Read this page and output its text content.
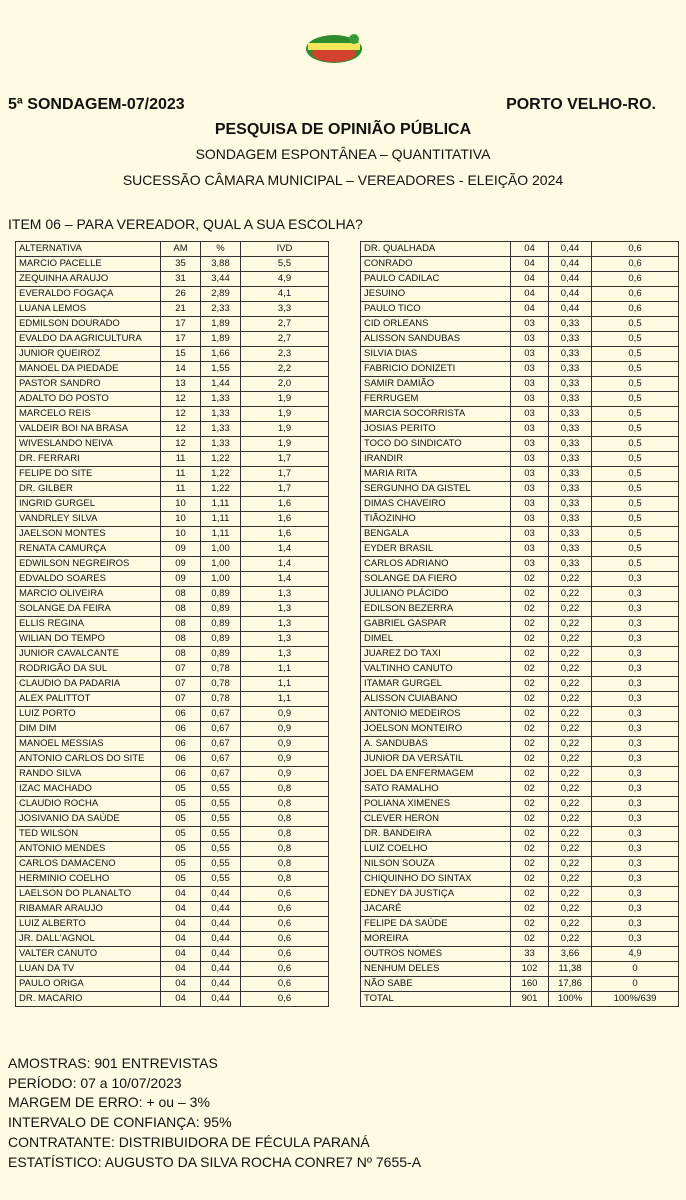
5ª SONDAGEM-07/2023	PORTO VELHO-RO.
PESQUISA DE OPINIÃO PÚBLICA
SONDAGEM ESPONTÂNEA – QUANTITATIVA
SUCESSÃO CÂMARA MUNICIPAL – VEREADORES - ELEIÇÃO 2024
ITEM 06 – PARA VEREADOR, QUAL A SUA ESCOLHA?
ALTERNATIVA	AM	%	IVD
MARCIO PACELLE	35	3,88	5,5
ZEQUINHA ARAUJO	31	3,44	4,9
EVERALDO FOGAÇA	26	2,89	4,1
LUANA LEMOS	21	2,33	3,3
EDMILSON DOURADO	17	1,89	2,7
EVALDO DA AGRICULTURA	17	1,89	2,7
JUNIOR QUEIROZ	15	1,66	2,3
MANOEL DA PIEDADE	14	1,55	2,2
PASTOR SANDRO	13	1,44	2,0
ADALTO DO POSTO	12	1,33	1,9
MARCELO REIS	12	1,33	1,9
VALDEIR BOI NA BRASA	12	1,33	1,9
WIVESLANDO NEIVA	12	1,33	1,9
DR. FERRARI	11	1,22	1,7
FELIPE DO SITE	11	1,22	1,7
DR. GILBER	11	1,22	1,7
INGRID GURGEL	10	1,11	1,6
VANDRLEY SILVA	10	1,11	1,6
JAELSON MONTES	10	1,11	1,6
RENATA CAMURÇA	09	1,00	1,4
EDWILSON NEGREIROS	09	1,00	1,4
EDVALDO SOARES	09	1,00	1,4
MARCIO OLIVEIRA	08	0,89	1,3
SOLANGE DA FEIRA	08	0,89	1,3
ELLIS REGINA	08	0,89	1,3
WILIAN DO TEMPO	08	0,89	1,3
JUNIOR CAVALCANTE	08	0,89	1,3
RODRIGÃO DA SUL	07	0,78	1,1
CLAUDIO DA PADARIA	07	0,78	1,1
ALEX PALITTOT	07	0,78	1,1
LUIZ PORTO	06	0,67	0,9
DIM DIM	06	0,67	0,9
MANOEL MESSIAS	06	0,67	0,9
ANTONIO CARLOS DO SITE	06	0,67	0,9
RANDO SILVA	06	0,67	0,9
IZAC MACHADO	05	0,55	0,8
CLAUDIO ROCHA	05	0,55	0,8
JOSIVANIO DA SAÚDE	05	0,55	0,8
TED WILSON	05	0,55	0,8
ANTONIO MENDES	05	0,55	0,8
CARLOS DAMACENO	05	0,55	0,8
HERMINIO COELHO	05	0,55	0,8
LAELSON DO PLANALTO	04	0,44	0,6
RIBAMAR ARAUJO	04	0,44	0,6
LUIZ ALBERTO	04	0,44	0,6
JR. DALL'AGNOL	04	0,44	0,6
VALTER CANUTO	04	0,44	0,6
LUAN DA TV	04	0,44	0,6
PAULO ORIGA	04	0,44	0,6
DR. MACARIO	04	0,44	0,6
DR. QUALHADA	04	0,44	0,6
CONRADO	04	0,44	0,6
PAULO CADILAC	04	0,44	0,6
JESUINO	04	0,44	0,6
PAULO TICO	04	0,44	0,6
CID ORLEANS	03	0,33	0,5
ALISSON SANDUBAS	03	0,33	0,5
SILVIA DIAS	03	0,33	0,5
FABRICIO DONIZETI	03	0,33	0,5
SAMIR DAMIÃO	03	0,33	0,5
FERRUGEM	03	0,33	0,5
MARCIA SOCORRISTA	03	0,33	0,5
JOSIAS PERITO	03	0,33	0,5
TOCO DO SINDICATO	03	0,33	0,5
IRANDIR	03	0,33	0,5
MARIA RITA	03	0,33	0,5
SERGUNHO DA GISTEL	03	0,33	0,5
DIMAS CHAVEIRO	03	0,33	0,5
TIÃOZINHO	03	0,33	0,5
BENGALA	03	0,33	0,5
EYDER BRASIL	03	0,33	0,5
CARLOS ADRIANO	03	0,33	0,5
SOLANGE DA FIERO	02	0,22	0,3
JULIANO PLÁCIDO	02	0,22	0,3
EDILSON BEZERRA	02	0,22	0,3
GABRIEL GASPAR	02	0,22	0,3
DIMEL	02	0,22	0,3
JUAREZ DO TAXI	02	0,22	0,3
VALTINHO CANUTO	02	0,22	0,3
ITAMAR GURGEL	02	0,22	0,3
ALISSON CUIABANO	02	0,22	0,3
ANTONIO MEDEIROS	02	0,22	0,3
JOELSON MONTEIRO	02	0,22	0,3
A. SANDUBAS	02	0,22	0,3
JUNIOR DA VERSÁTIL	02	0,22	0,3
JOEL DA ENFERMAGEM	02	0,22	0,3
SATO RAMALHO	02	0,22	0,3
POLIANA XIMENES	02	0,22	0,3
CLEVER HERON	02	0,22	0,3
DR. BANDEIRA	02	0,22	0,3
LUIZ COELHO	02	0,22	0,3
NILSON SOUZA	02	0,22	0,3
CHIQUINHO DO SINTAX	02	0,22	0,3
EDNEY DA JUSTIÇA	02	0,22	0,3
JACARÉ	02	0,22	0,3
FELIPE DA SAÚDE	02	0,22	0,3
MOREIRA	02	0,22	0,3
OUTROS NOMES	33	3,66	4,9
NENHUM DELES	102	11,38	0
NÃO SABE	160	17,86	0
TOTAL	901	100%	100%/639
AMOSTRAS: 901 ENTREVISTAS
PERÍODO: 07 a 10/07/2023
MARGEM DE ERRO: + ou – 3%
INTERVALO DE CONFIANÇA: 95%
CONTRATANTE: DISTRIBUIDORA DE FÉCULA PARANÁ
ESTATÍSTICO: AUGUSTO DA SILVA ROCHA CONRE7 Nº 7655-A
